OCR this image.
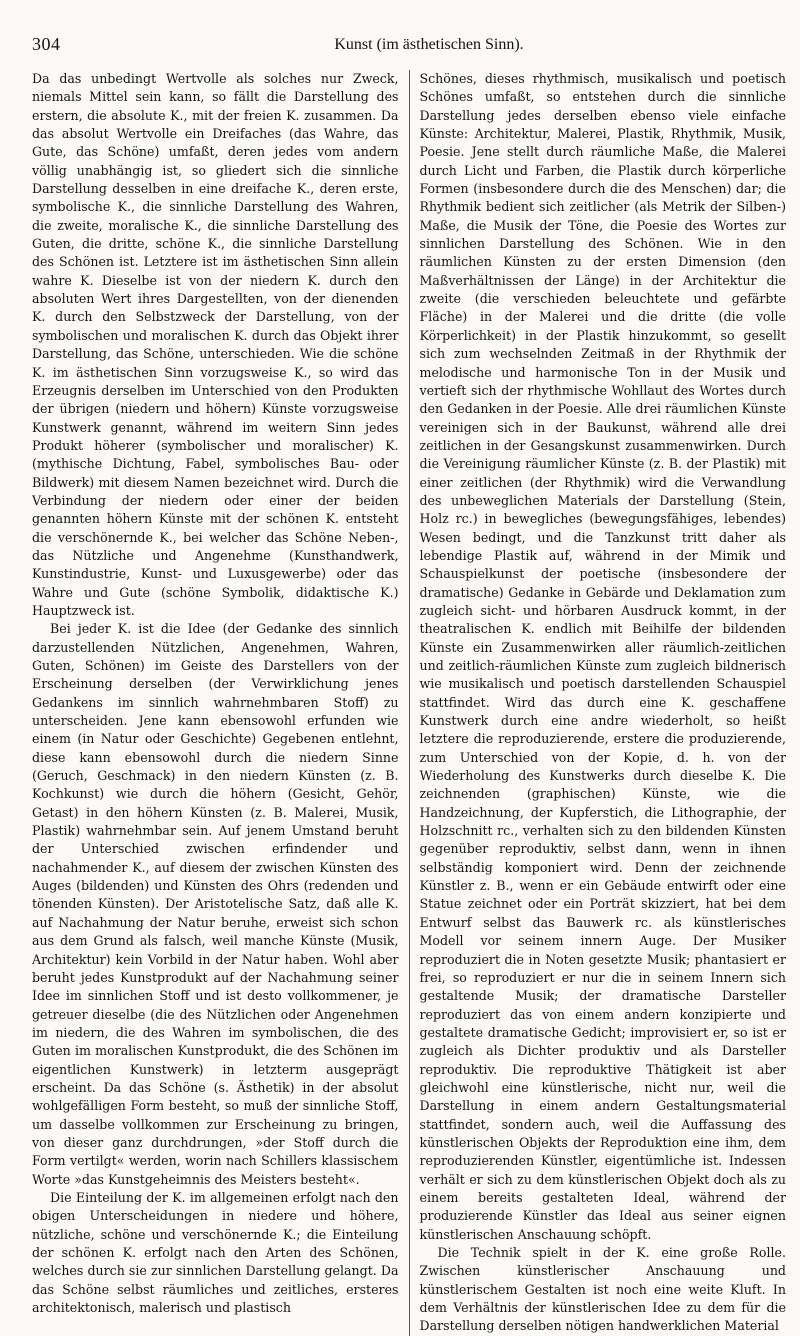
304	Kunst (im ästhetischen Sinn).

Da das unbedingt Wertvolle als solches nur Zweck, niemals Mittel sein kann, so fällt die Darstellung des erstern, die absolute K., mit der freien K. zusammen. Da das absolut Wertvolle ein Dreifaches (das Wahre, das Gute, das Schöne) umfaßt, deren jedes vom andern völlig unabhängig ist, so gliedert sich die sinnliche Darstellung desselben in eine dreifache K., deren erste, symbolische K., die sinnliche Darstellung des Wahren, die zweite, moralische K., die sinnliche Darstellung des Guten, die dritte, schöne K., die sinnliche Darstellung des Schönen ist. Letztere ist im ästhetischen Sinn allein wahre K. Dieselbe ist von der niedern K. durch den absoluten Wert ihres Dargestellten, von der dienenden K. durch den Selbstzweck der Darstellung, von der symbolischen und moralischen K. durch das Objekt ihrer Darstellung, das Schöne, unterschieden. Wie die schöne K. im ästhetischen Sinn vorzugsweise K., so wird das Erzeugnis derselben im Unterschied von den Produkten der übrigen (niedern und höhern) Künste vorzugsweise Kunstwerk genannt, während im weitern Sinn jedes Produkt höherer (symbolischer und moralischer) K. (mythische Dichtung, Fabel, symbolisches Bau- oder Bildwerk) mit diesem Namen bezeichnet wird. Durch die Verbindung der niedern oder einer der beiden genannten höhern Künste mit der schönen K. entsteht die verschönernde K., bei welcher das Schöne Neben-, das Nützliche und Angenehme (Kunsthandwerk, Kunstindustrie, Kunst- und Luxusgewerbe) oder das Wahre und Gute (schöne Symbolik, didaktische K.) Hauptzweck ist.

Bei jeder K. ist die Idee (der Gedanke des sinnlich darzustellenden Nützlichen, Angenehmen, Wahren, Guten, Schönen) im Geiste des Darstellers von der Erscheinung derselben (der Verwirklichung jenes Gedankens im sinnlich wahrnehmbaren Stoff) zu unterscheiden. Jene kann ebensowohl erfunden wie einem (in Natur oder Geschichte) Gegebenen entlehnt, diese kann ebensowohl durch die niedern Sinne (Geruch, Geschmack) in den niedern Künsten (z. B. Kochkunst) wie durch die höhern (Gesicht, Gehör, Getast) in den höhern Künsten (z. B. Malerei, Musik, Plastik) wahrnehmbar sein. Auf jenem Umstand beruht der Unterschied zwischen erfindender und nachahmender K., auf diesem der zwischen Künsten des Auges (bildenden) und Künsten des Ohrs (redenden und tönenden Künsten). Der Aristotelische Satz, daß alle K. auf Nachahmung der Natur beruhe, erweist sich schon aus dem Grund als falsch, weil manche Künste (Musik, Architektur) kein Vorbild in der Natur haben. Wohl aber beruht jedes Kunstprodukt auf der Nachahmung seiner Idee im sinnlichen Stoff und ist desto vollkommener, je getreuer dieselbe (die des Nützlichen oder Angenehmen im niedern, die des Wahren im symbolischen, die des Guten im moralischen Kunstprodukt, die des Schönen im eigentlichen Kunstwerk) in letzterm ausgeprägt erscheint. Da das Schöne (s. Ästhetik) in der absolut wohlgefälligen Form besteht, so muß der sinnliche Stoff, um dasselbe vollkommen zur Erscheinung zu bringen, von dieser ganz durchdrungen, »der Stoff durch die Form vertilgt« werden, worin nach Schillers klassischem Worte »das Kunstgeheimnis des Meisters besteht«.

Die Einteilung der K. im allgemeinen erfolgt nach den obigen Unterscheidungen in niedere und höhere, nützliche, schöne und verschönernde K.; die Einteilung der schönen K. erfolgt nach den Arten des Schönen, welches durch sie zur sinnlichen Darstellung gelangt. Da das Schöne selbst räumliches und zeitliches, ersteres architektonisch, malerisch und plastisch

Schönes, dieses rhythmisch, musikalisch und poetisch Schönes umfaßt, so entstehen durch die sinnliche Darstellung jedes derselben ebenso viele einfache Künste: Architektur, Malerei, Plastik, Rhythmik, Musik, Poesie. Jene stellt durch räumliche Maße, die Malerei durch Licht und Farben, die Plastik durch körperliche Formen (insbesondere durch die des Menschen) dar; die Rhythmik bedient sich zeitlicher (als Metrik der Silben-) Maße, die Musik der Töne, die Poesie des Wortes zur sinnlichen Darstellung des Schönen. Wie in den räumlichen Künsten zu der ersten Dimension (den Maßverhältnissen der Länge) in der Architektur die zweite (die verschieden beleuchtete und gefärbte Fläche) in der Malerei und die dritte (die volle Körperlichkeit) in der Plastik hinzukommt, so gesellt sich zum wechselnden Zeitmaß in der Rhythmik der melodische und harmonische Ton in der Musik und vertieft sich der rhythmische Wohllaut des Wortes durch den Gedanken in der Poesie. Alle drei räumlichen Künste vereinigen sich in der Baukunst, während alle drei zeitlichen in der Gesangskunst zusammenwirken. Durch die Vereinigung räumlicher Künste (z. B. der Plastik) mit einer zeitlichen (der Rhythmik) wird die Verwandlung des unbeweglichen Materials der Darstellung (Stein, Holz rc.) in bewegliches (bewegungsfähiges, lebendes) Wesen bedingt, und die Tanzkunst tritt daher als lebendige Plastik auf, während in der Mimik und Schauspielkunst der poetische (insbesondere der dramatische) Gedanke in Gebärde und Deklamation zum zugleich sicht- und hörbaren Ausdruck kommt, in der theatralischen K. endlich mit Beihilfe der bildenden Künste ein Zusammenwirken aller räumlich-zeitlichen und zeitlich-räumlichen Künste zum zugleich bildnerisch wie musikalisch und poetisch darstellenden Schauspiel stattfindet. Wird das durch eine K. geschaffene Kunstwerk durch eine andre wiederholt, so heißt letztere die reproduzierende, erstere die produzierende, zum Unterschied von der Kopie, d. h. von der Wiederholung des Kunstwerks durch dieselbe K. Die zeichnenden (graphischen) Künste, wie die Handzeichnung, der Kupferstich, die Lithographie, der Holzschnitt rc., verhalten sich zu den bildenden Künsten gegenüber reproduktiv, selbst dann, wenn in ihnen selbständig komponiert wird. Denn der zeichnende Künstler z. B., wenn er ein Gebäude entwirft oder eine Statue zeichnet oder ein Porträt skizziert, hat bei dem Entwurf selbst das Bauwerk rc. als künstlerisches Modell vor seinem innern Auge. Der Musiker reproduziert die in Noten gesetzte Musik; phantasiert er frei, so reproduziert er nur die in seinem Innern sich gestaltende Musik; der dramatische Darsteller reproduziert das von einem andern konzipierte und gestaltete dramatische Gedicht; improvisiert er, so ist er zugleich als Dichter produktiv und als Darsteller reproduktiv. Die reproduktive Thätigkeit ist aber gleichwohl eine künstlerische, nicht nur, weil die Darstellung in einem andern Gestaltungsmaterial stattfindet, sondern auch, weil die Auffassung des künstlerischen Objekts der Reproduktion eine ihm, dem reproduzierenden Künstler, eigentümliche ist. Indessen verhält er sich zu dem künstlerischen Objekt doch als zu einem bereits gestalteten Ideal, während der produzierende Künstler das Ideal aus seiner eignen künstlerischen Anschauung schöpft.

Die Technik spielt in der K. eine große Rolle. Zwischen künstlerischer Anschauung und künstlerischem Gestalten ist noch eine weite Kluft. In dem Verhältnis der künstlerischen Idee zu dem für die Darstellung derselben nötigen handwerklichen Material
